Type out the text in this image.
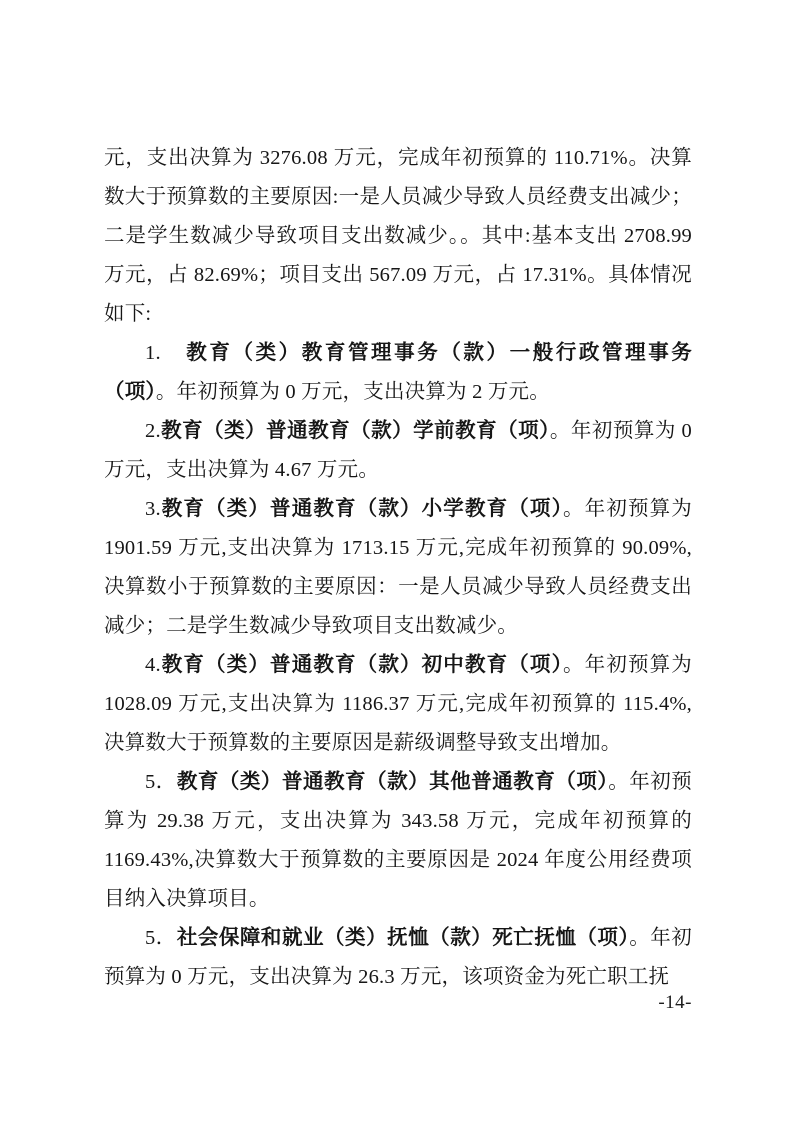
元，支出决算为 3276.08 万元，完成年初预算的 110.71%。决算数大于预算数的主要原因:一是人员减少导致人员经费支出减少；二是学生数减少导致项目支出数减少。。其中:基本支出 2708.99 万元，占 82.69%；项目支出 567.09 万元，占 17.31%。具体情况如下:

1.　教育（类）教育管理事务（款）一般行政管理事务（项）。年初预算为 0 万元，支出决算为 2 万元。

2.教育（类）普通教育（款）学前教育（项）。年初预算为 0 万元，支出决算为 4.67 万元。

3.教育（类）普通教育（款）小学教育（项）。年初预算为 1901.59 万元,支出决算为 1713.15 万元,完成年初预算的 90.09%,决算数小于预算数的主要原因：一是人员减少导致人员经费支出减少；二是学生数减少导致项目支出数减少。

4.教育（类）普通教育（款）初中教育（项）。年初预算为 1028.09 万元,支出决算为 1186.37 万元,完成年初预算的 115.4%,决算数大于预算数的主要原因是薪级调整导致支出增加。

5．教育（类）普通教育（款）其他普通教育（项）。年初预算为 29.38 万元，支出决算为 343.58 万元，完成年初预算的 1169.43%,决算数大于预算数的主要原因是 2024 年度公用经费项目纳入决算项目。

5．社会保障和就业（类）抚恤（款）死亡抚恤（项）。年初预算为 0 万元，支出决算为 26.3 万元，该项资金为死亡职工抚

-14-
